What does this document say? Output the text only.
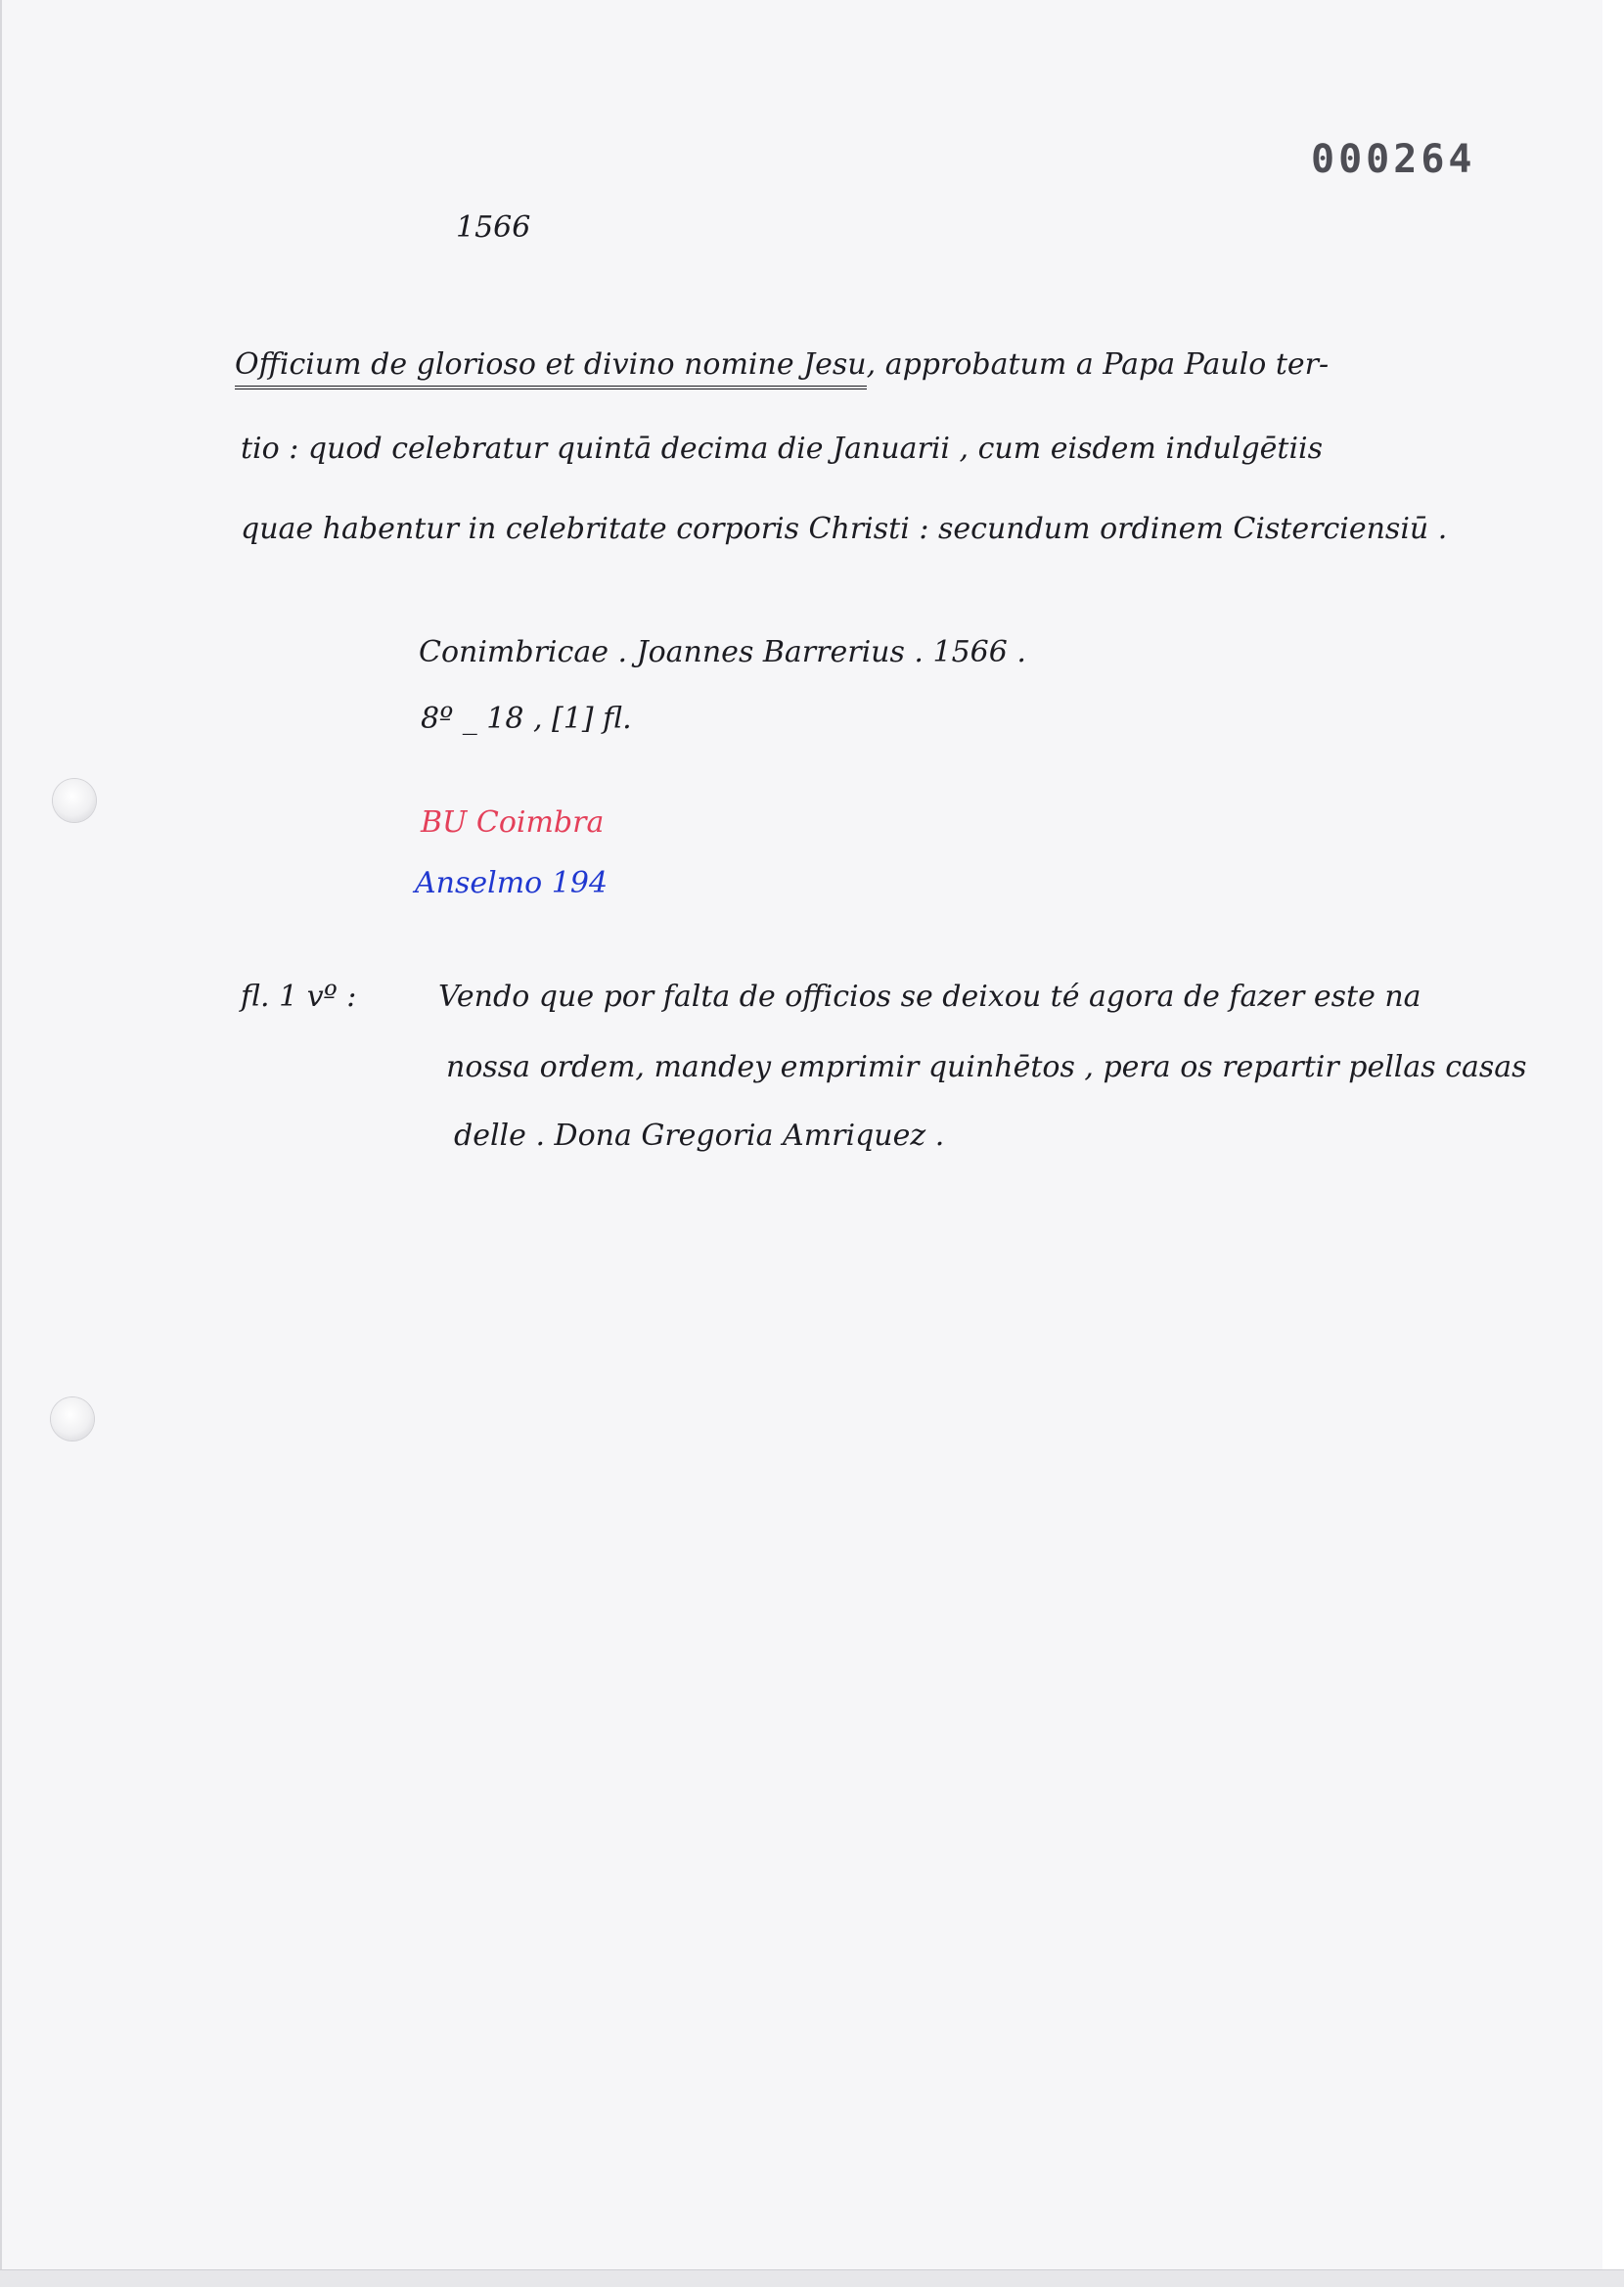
000264
1566
Officium de glorioso et divino nomine Jesu, approbatum a Papa Paulo ter-
tio : quod celebratur quintā decima die Januarii , cum eisdem indulgētiis
quae habentur in celebritate corporis Christi : secundum ordinem Cisterciensiū .
Conimbricae . Joannes Barrerius . 1566 .
8º _ 18 , [1] fl.
BU Coimbra
Anselmo 194
fl. 1 vº :	Vendo que por falta de officios se deixou té agora de fazer este na
nossa ordem, mandey emprimir quinhētos , pera os repartir pellas casas
delle . Dona Gregoria Amriquez .
